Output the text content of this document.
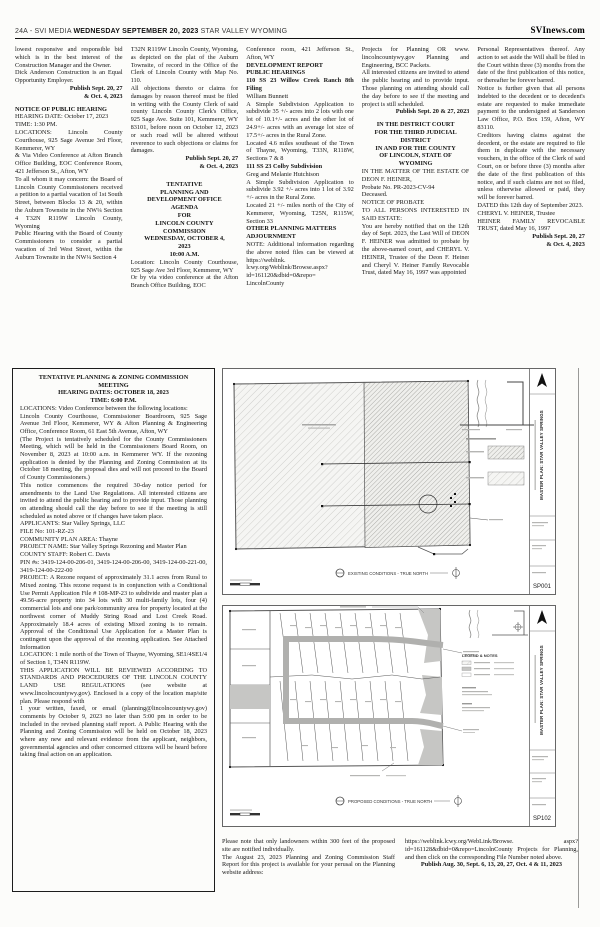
24A - SVI MEDIA WEDNESDAY SEPTEMBER 20, 2023 STAR VALLEY WYOMING	SVInews.com

lowest responsive and responsible bid which is in the best interest of the Construction Manager and the Owner.

Dick Anderson Construction is an Equal Opportunity Employer.

Publish Sept. 20, 27

& Oct. 4, 2023

NOTICE OF PUBLIC HEARING

HEARING DATE: October 17, 2023

TIME: 1:30 PM.

LOCATIONS: Lincoln County Courthouse, 925 Sage Avenue 3rd Floor, Kemmerer, WY

& Via Video Conference at Afton Branch Office Building, EOC Conference Room, 421 Jefferson St., Afton, WY

To all whom it may concern: the Board of Lincoln County Commissioners received a petition to a partial vacation of 1st South Street, between Blocks 13 & 20, within the Auburn Townsite in the NW¼ Section 4 T32N R119W Lincoln County, Wyoming

Public Hearing with the Board of County Commissioners to consider a partial vacation of 3rd West Street, within the Auburn Townsite in the NW¼ Section 4

T32N R119W Lincoln County, Wyoming, as depicted on the plat of the Auburn Townsite, of record in the Office of the Clerk of Lincoln County with Map No. 110.

All objections thereto or claims for damages by reason thereof must be filed in writing with the County Clerk of said county Lincoln County Clerk's Office, 925 Sage Ave. Suite 101, Kemmerer, WY 83101, before noon on October 12, 2023 or such road will be altered without reverence to such objections or claims for damages.

Publish Sept. 20, 27

& Oct. 4, 2023

TENTATIVE

PLANNING AND

DEVELOPMENT OFFICE

AGENDA

FOR

LINCOLN COUNTY

COMMISSION

WEDNESDAY, OCTOBER 4,

2023

10:00 A.M.

Location: Lincoln County Courthouse, 925 Sage Ave 3rd Floor, Kemmerer, WY

Or by via video conference at the Afton Branch Office Building, EOC

Conference room, 421 Jefferson St., Afton, WY

DEVELOPMENT REPORT

PUBLIC HEARINGS

110 SS 23 Willow Creek Ranch 8th Filing

William Bunnett

A Simple Subdivision Application to subdivide 35 +/- acres into 2 lots with one lot of 10.1+/- acres and the other lot of 24.9+/- acres with an average lot size of 17.5+/- acres in the Rural Zone.

Located 4.6 miles southeast of the Town of Thayne, Wyoming, T33N, R118W, Sections 7 & 8

111 SS 23 Colby Subdivision

Greg and Melanie Hutchison

A Simple Subdivision Application to subdivide 3.92 +/- acres into 1 lot of 3.92 +/- acres in the Rural Zone.

Located 21 +/- miles north of the City of Kemmerer, Wyoming, T25N, R115W, Section 33

OTHER PLANNING MATTERS

ADJOURNMENT

NOTE: Additional information regarding the above noted files can be viewed at https://weblink. lcwy.org/Weblink/Browse.aspx? id=161120&dbid=0&repo= LincolnCounty

Projects for Planning OR www. lincolncountywy.gov Planning and Engineering, BCC Packets.

All interested citizens are invited to attend the public hearing and to provide input. Those planning on attending should call the day before to see if the meeting and project is still scheduled.

Publish Sept. 20 & 27, 2023

IN THE DISTRICT COURT

FOR THE THIRD JUDICIAL

DISTRICT

IN AND FOR THE COUNTY

OF LINCOLN, STATE OF

WYOMING

IN THE MATTER OF THE ESTATE OF DEON F. HEINER,

Probate No. PR-2023-CV-94

Deceased.

NOTICE OF PROBATE

TO ALL PERSONS INTERESTED IN SAID ESTATE:

You are hereby notified that on the 12th day of Sept. 2023, the Last Will of DEON F. HEINER was admitted to probate by the above-named court, and CHERYL V. HEINER, Trustee of the Deon F. Heiner and Cheryl V. Heiner Family Revocable Trust, dated May 16, 1997 was appointed

Personal Representatives thereof. Any action to set aside the Will shall be filed in the Court within three (3) months from the date of the first publication of this notice, or thereafter be forever barred.

Notice is further given that all persons indebted to the decedent or to decedent's estate are requested to make immediate payment to the undersigned at Sanderson Law Office, P.O. Box 159, Afton, WY 83110.

Creditors having claims against the decedent, or the estate are required to file them in duplicate with the necessary vouchers, in the office of the Clerk of said Court, on or before three (3) months after the date of the first publication of this notice, and if such claims are not so filed, unless otherwise allowed or paid, they will be forever barred.

DATED this 12th day of September 2023.

CHERYL V. HEINER, Trustee

HEINER FAMILY REVOCABLE TRUST, dated May 16, 1997

Publish Sept. 20, 27

& Oct. 4, 2023

TENTATIVE PLANNING & ZONING COMMISSION

MEETING

HEARING DATES: OCTOBER 18, 2023

TIME: 6:00 P.M.

LOCATIONS: Video Conference between the following locations:

Lincoln County Courthouse, Commissioner Boardroom, 925 Sage Avenue 3rd Floor, Kemmerer, WY & Afton Planning & Engineering Office, Conference Room, 61 East 5th Avenue, Afton, WY

(The Project is tentatively scheduled for the County Commissioners Meeting, which will be held in the Commissioners Board Room, on November 8, 2023 at 10:00 a.m. in Kemmerer WY. If the rezoning application is denied by the Planning and Zoning Commission at its October 18 meeting, the proposal dies and will not proceed to the Board of County Commissioners.)

This notice commences the required 30-day notice period for amendments to the Land Use Regulations. All interested citizens are invited to attend the public hearing and to provide input. Those planning on attending should call the day before to see if the meeting is still scheduled as noted above or if changes have taken place.

APPLICANTS: Star Valley Springs, LLC

FILE No: 101-RZ-23

COMMUNITY PLAN AREA: Thayne

PROJECT NAME: Star Valley Springs Rezoning and Master Plan

COUNTY STAFF: Robert C. Davis

PIN #s: 3419-124-00-206-01, 3419-124-00-206-00, 3419-124-00-221-00, 3419-124-00-222-00

PROJECT: A Rezone request of approximately 31.1 acres from Rural to Mixed zoning. This rezone request is in conjunction with a Conditional Use Permit Application File # 108-MP-23 to subdivide and master plan a 49.56-acre property into 34 lots with 30 multi-family lots, four (4) commercial lots and one park/community area for property located at the northwest corner of Muddy String Road and Lost Creek Road. Approximately 18.4 acres of existing Mixed zoning is to remain. Approval of the Conditional Use Application for a Master Plan is contingent upon the approval of the rezoning application. See Attached Information

LOCATION: 1 mile north of the Town of Thayne, Wyoming, SE1/4SE1/4 of Section 1, T34N R119W.

THIS APPLICATION WILL BE REVIEWED ACCORDING TO STANDARDS AND PROCEDURES OF THE LINCOLN COUNTY LAND USE REGULATIONS (see website at www.lincolncountywy.gov). Enclosed is a copy of the location map/site plan. Please respond with

1 your written, faxed, or email (planning@lincolncountywy.gov) comments by October 9, 2023 no later than 5:00 pm in order to be included in the revised planning staff report. A Public Hearing with the Planning and Zoning Commission will be held on October 18, 2023 where any new and relevant evidence from the applicant, neighbors, governmental agencies and other concerned citizens will be heard before taking final action on an application.

MASTER PLAN: STAR VALLEY SPRINGS
SP001
EXISTING CONDITIONS - TRUE NORTH
MASTER PLAN: STAR VALLEY SPRINGS
SP102
LEGEND & NOTES
PROPOSED CONDITIONS - TRUE NORTH

Please note that only landowners within 300 feet of the proposed site are notified individually.

The August 23, 2023 Planning and Zoning Commission Staff Report for this project is available for your perusal on the Planning website address:

https://weblink.lcwy.org/WebLink/Browse. aspx?id=161128&dbid=0&repo=LincolnCounty Projects for Planning, and then click on the corresponding File Number noted above.

Publish Aug. 30, Sept. 6, 13, 20, 27, Oct. 4 & 11, 2023
